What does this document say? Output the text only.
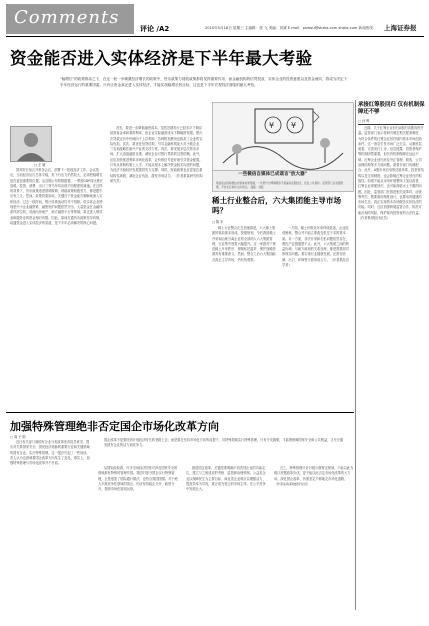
Comments
评论 /A2	2010年5月18日 星期三 主编辑：张 飞 美编：刘斌 E-mail：plzhou@shzbs.com shzbs.com 新闻热线： 上海证券报
资金能否进入实体经济是下半年最大考验
"稳增长"的政策推动之下，在这一轮一步刺激经济增长的政策中，货币政策与财政政策都将发挥重要作用，而金融机构的信贷投放、实体企业的投资意愿以及资金流向，将成为决定下半年经济运行的重要因素。只有让资金真正进入实体经济，才能实现稳增长的目标，这也是下半年宏观经济面临的最大考验。
□ 王 晓

国务院日前召开常务会议，部署下一阶段经济工作。会议指出，当前经济运行总体平稳，但下行压力仍然较大，必须把稳增长放在更加重要的位置。从近期公布的数据看，一季度GDP同比增长放缓，投资、消费、出口三驾马车均出现不同程度的减速。在这样的背景下，货币政策适度预调微调，财政政策积极发力，都是题中应有之义。然而，政策效果如何，关键在于资金能否顺畅地流入实体经济。过去一段时间，银行体系流动性并不短缺，但实体企业特别是中小企业融资难、融资贵的问题依然突出。大量资金在金融体系内部空转，或流向房地产、地方融资平台等领域，真正进入制造业和服务业的资金相对有限。因此，如何打通货币政策传导机制，疏通资金进入实体经济的渠道，是下半年必须解决的核心问题。

首先，要进一步降低融资成本。虽然近期央行已经多次下调存款准备金率和基准利率，但企业实际融资成本下降幅度有限。银行在贷款定价中仍倾向于上浮利率，各种附加费用也推高了企业的实际负担。其次，要优化信贷结构，引导金融机构加大对小微企业、三农和战略性新兴产业的支持力度。再次，要发展多层次资本市场，扩大直接融资比重，减轻企业对银行贷款的过度依赖。此外，还应加快推进利率市场化改革，让价格信号更好地引导资金配置。只有从体制机制上入手，才能从根本上解决资金脱实向虚的问题，为经济平稳较快发展提供有力支撑。同时，财政政策也应更加注重结构性减税，减轻企业负担，激发市场活力。（作者系某研究机构研究员）

¥ ¥
一些微信自媒体已成谣言"放大器"
网络谣言借助微信自媒体快速传播，一些账号为博取眼球不惜编造虚假信息，扰乱公众视听。监管部门应加强管理，平台也应承担主体责任。 漫画：刘斌
稀土行业整合后，六大集团能主导市场吗？
□ 陈 东

稀土行业整合正在加速推进，六大稀土集团的格局基本形成。按照规划，今后我国稀土开采和冶炼分离企业将全部纳入六大集团管理，行业集中度将大幅提升。这一举措对于规范稀土开采秩序、遏制私挖滥采、保护战略资源具有重要意义。然而，整合之后六大集团能否真正主导市场，仍有待观察。

一方面，稀土价格近年来持续低迷，企业经营困难，整合并不能立即改变供过于求的基本面。另一方面，非法开采和走私问题依然存在，黑色产业链屡禁不止。此外，六大集团之间的利益协调、与地方政府的关系处理，都是需要面对的现实问题。要实现行业健康发展，还需在收储、出口、环保等方面形成合力。（作者系经济学者）

承接红筹股回归 仅有机制保障还不够
□ 孙 晖

近期，关于红筹企业回归A股的话题再度升温。监管部门表示将研究制定相关配套制度，为符合条件的红筹企业回归境内资本市场创造条件。这一消息引发市场广泛关注。从制度层面看，完善发行上市、信息披露、投资者保护等机制固然重要，但仅有机制保障还远远不够。红筹企业回归涉及外汇管理、税收、公司治理结构等多方面问题，需要多部门协调配合。此外，A股市场自身的估值体系、投资者结构以及交易制度，也会影响红筹企业回归的积极性。如果不能从市场环境整体上加以改善，红筹企业即便回归，也可能面临水土不服的问题。因此，监管部门在推进相关改革时，应统筹考虑，既要做好制度设计，也要培育健康的市场生态，真正实现资本市场服务实体经济的功能。同时，还应加强跨境监管合作，防范可能出现的风险，保护境内投资者的合法权益。（作者系财经评论员）

加强特殊管理绝非否定国企市场化改革方向
□ 周 子 勋
国企改革不是要回到计划经济时代的老路上去，而是要在坚持市场化方向的前提下，对特殊领域实行特殊管理。只有分类施策，才能既保障国家安全和公共利益，又充分激发国有企业的活力和竞争力。

近日有关部门就国有企业分类改革发布指导意见，提出对关系国家安全、国民经济命脉的重要行业和关键领域的国有企业，实行特殊管理。这一提法引起了一些误读，有人认为这意味着国企改革方向发生了变化。事实上，加强特殊管理与市场化改革并不矛盾。

从国际经验看，许多市场经济国家对涉及国家安全的领域都有特殊的管理安排。我国对部分国企实行特殊管理，正是借鉴了国际通行做法，也符合我国国情。对于绝大多数竞争性领域的国企，仍应坚持政企分开、政资分开，按照市场化原则运营。

推进国企改革，关键是要明确不同类别企业的功能定位，建立与之相适应的考核、监管和治理机制。公益类企业以保障民生为主要目标，商业类企业则应以增强活力、提高效率为导向，真正成为独立的市场主体，在公平竞争中发展壮大。

总之，特殊管理只针对极少数特定领域，不能以此为借口放慢改革步伐，更不能以此否定市场化改革的大方向。深化国企改革，仍需坚定不移地走市场化道路。

（作者系资深财经评论员）
